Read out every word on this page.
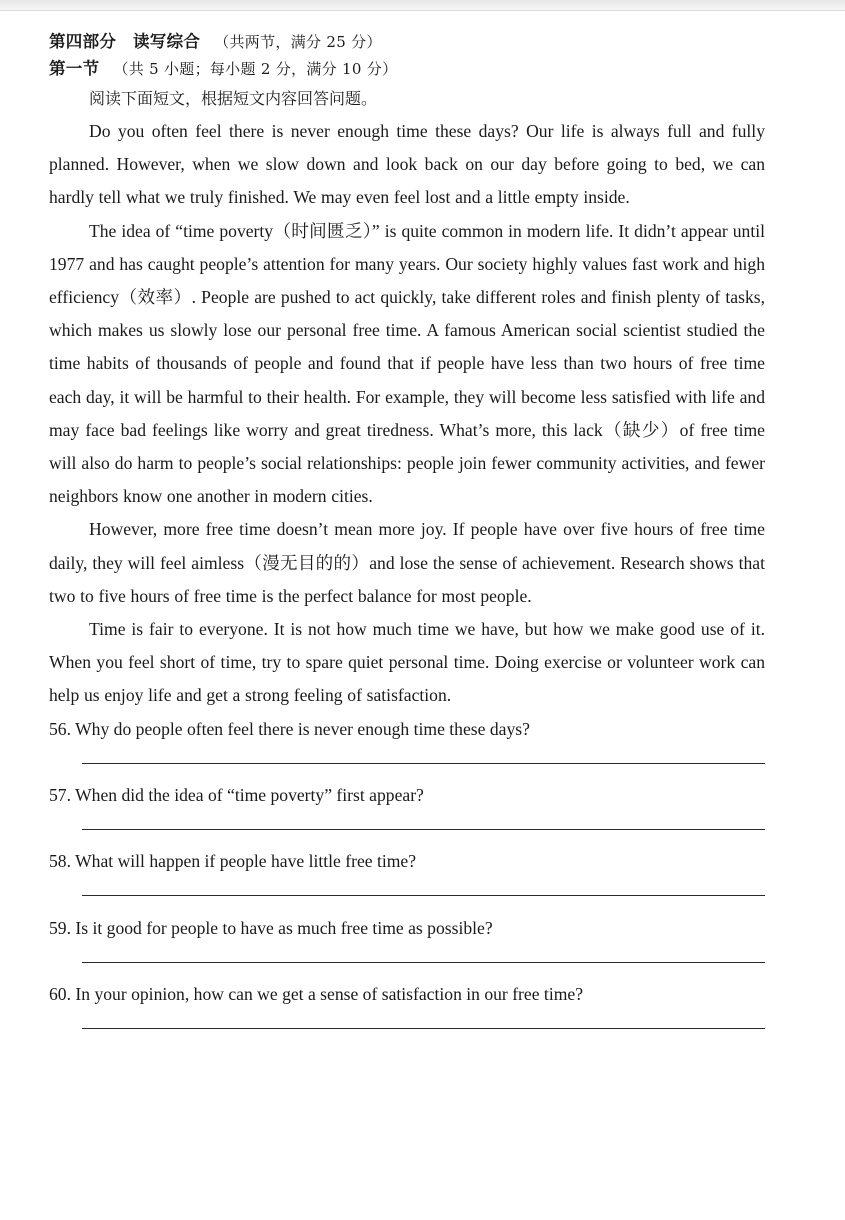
第四部分　读写综合 （共两节，满分 25 分）
第一节 （共 5 小题；每小题 2 分，满分 10 分）
阅读下面短文，根据短文内容回答问题。

Do you often feel there is never enough time these days? Our life is always full and fully planned. However, when we slow down and look back on our day before going to bed, we can hardly tell what we truly finished. We may even feel lost and a little empty inside.

The idea of “time poverty（时间匮乏）” is quite common in modern life. It didn’t appear until 1977 and has caught people’s attention for many years. Our society highly values fast work and high efficiency（效率）. People are pushed to act quickly, take different roles and finish plenty of tasks, which makes us slowly lose our personal free time. A famous American social scientist studied the time habits of thousands of people and found that if people have less than two hours of free time each day, it will be harmful to their health. For example, they will become less satisfied with life and may face bad feelings like worry and great tiredness. What’s more, this lack（缺少）of free time will also do harm to people’s social relationships: people join fewer community activities, and fewer neighbors know one another in modern cities.

However, more free time doesn’t mean more joy. If people have over five hours of free time daily, they will feel aimless（漫无目的的）and lose the sense of achievement. Research shows that two to five hours of free time is the perfect balance for most people.

Time is fair to everyone. It is not how much time we have, but how we make good use of it. When you feel short of time, try to spare quiet personal time. Doing exercise or volunteer work can help us enjoy life and get a strong feeling of satisfaction.

56. Why do people often feel there is never enough time these days?
57. When did the idea of “time poverty” first appear?
58. What will happen if people have little free time?
59. Is it good for people to have as much free time as possible?
60. In your opinion, how can we get a sense of satisfaction in our free time?
